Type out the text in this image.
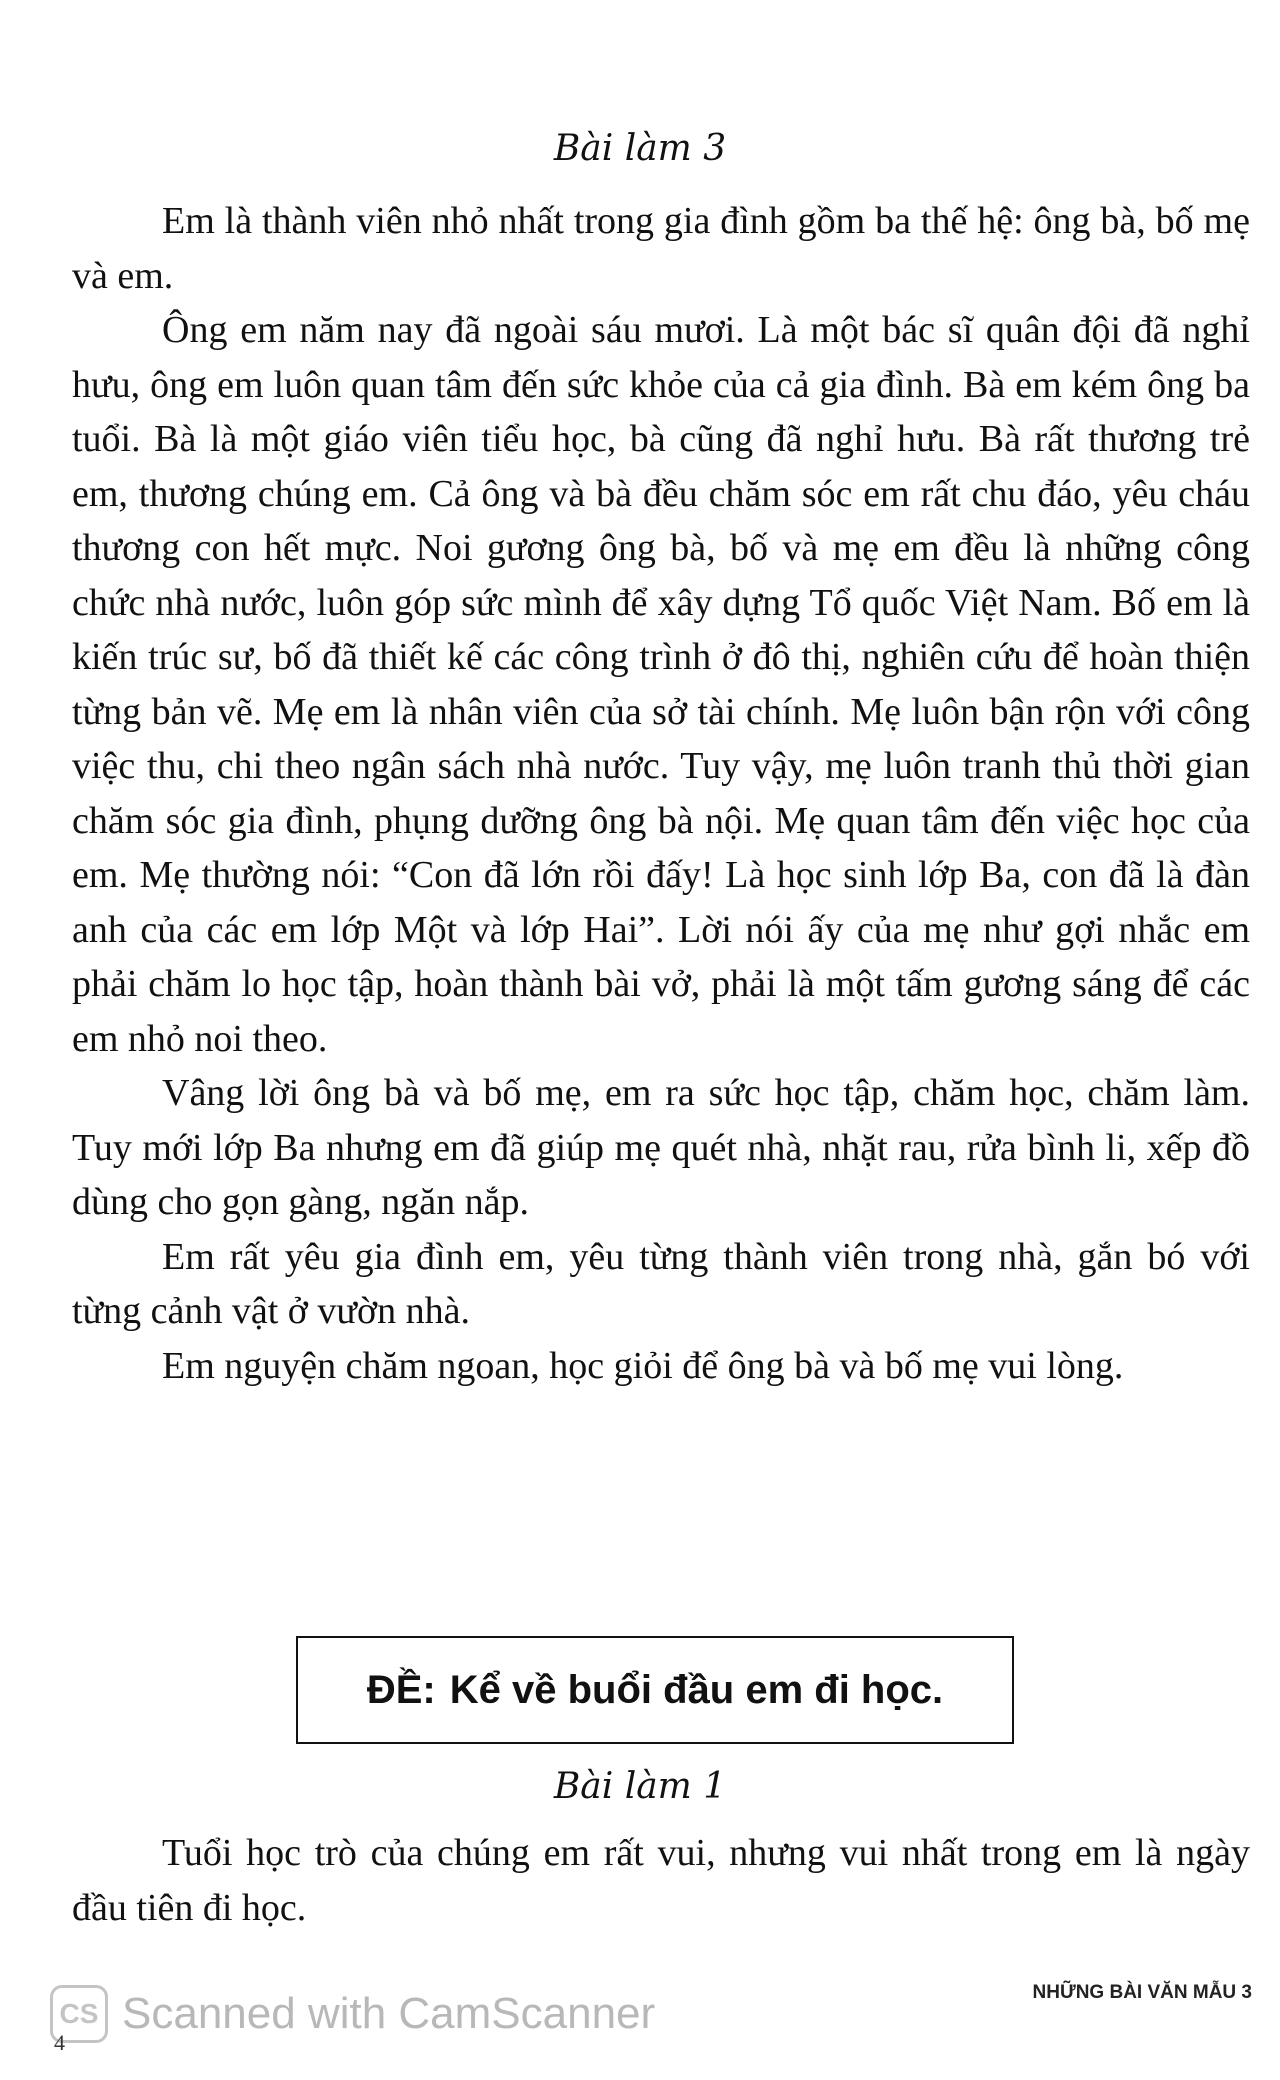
Bài làm 3

Em là thành viên nhỏ nhất trong gia đình gồm ba thế hệ: ông bà, bố mẹ và em.

Ông em năm nay đã ngoài sáu mươi. Là một bác sĩ quân đội đã nghỉ hưu, ông em luôn quan tâm đến sức khỏe của cả gia đình. Bà em kém ông ba tuổi. Bà là một giáo viên tiểu học, bà cũng đã nghỉ hưu. Bà rất thương trẻ em, thương chúng em. Cả ông và bà đều chăm sóc em rất chu đáo, yêu cháu thương con hết mực. Noi gương ông bà, bố và mẹ em đều là những công chức nhà nước, luôn góp sức mình để xây dựng Tổ quốc Việt Nam. Bố em là kiến trúc sư, bố đã thiết kế các công trình ở đô thị, nghiên cứu để hoàn thiện từng bản vẽ. Mẹ em là nhân viên của sở tài chính. Mẹ luôn bận rộn với công việc thu, chi theo ngân sách nhà nước. Tuy vậy, mẹ luôn tranh thủ thời gian chăm sóc gia đình, phụng dưỡng ông bà nội. Mẹ quan tâm đến việc học của em. Mẹ thường nói: “Con đã lớn rồi đấy! Là học sinh lớp Ba, con đã là đàn anh của các em lớp Một và lớp Hai”. Lời nói ấy của mẹ như gợi nhắc em phải chăm lo học tập, hoàn thành bài vở, phải là một tấm gương sáng để các em nhỏ noi theo.

Vâng lời ông bà và bố mẹ, em ra sức học tập, chăm học, chăm làm. Tuy mới lớp Ba nhưng em đã giúp mẹ quét nhà, nhặt rau, rửa bình li, xếp đồ dùng cho gọn gàng, ngăn nắp.

Em rất yêu gia đình em, yêu từng thành viên trong nhà, gắn bó với từng cảnh vật ở vườn nhà.

Em nguyện chăm ngoan, học giỏi để ông bà và bố mẹ vui lòng.

ĐỀ: Kể về buổi đầu em đi học.
Bài làm 1

Tuổi học trò của chúng em rất vui, nhưng vui nhất trong em là ngày đầu tiên đi học.

CS Scanned with CamScanner
4
NHỮNG BÀI VĂN MẪU 3
